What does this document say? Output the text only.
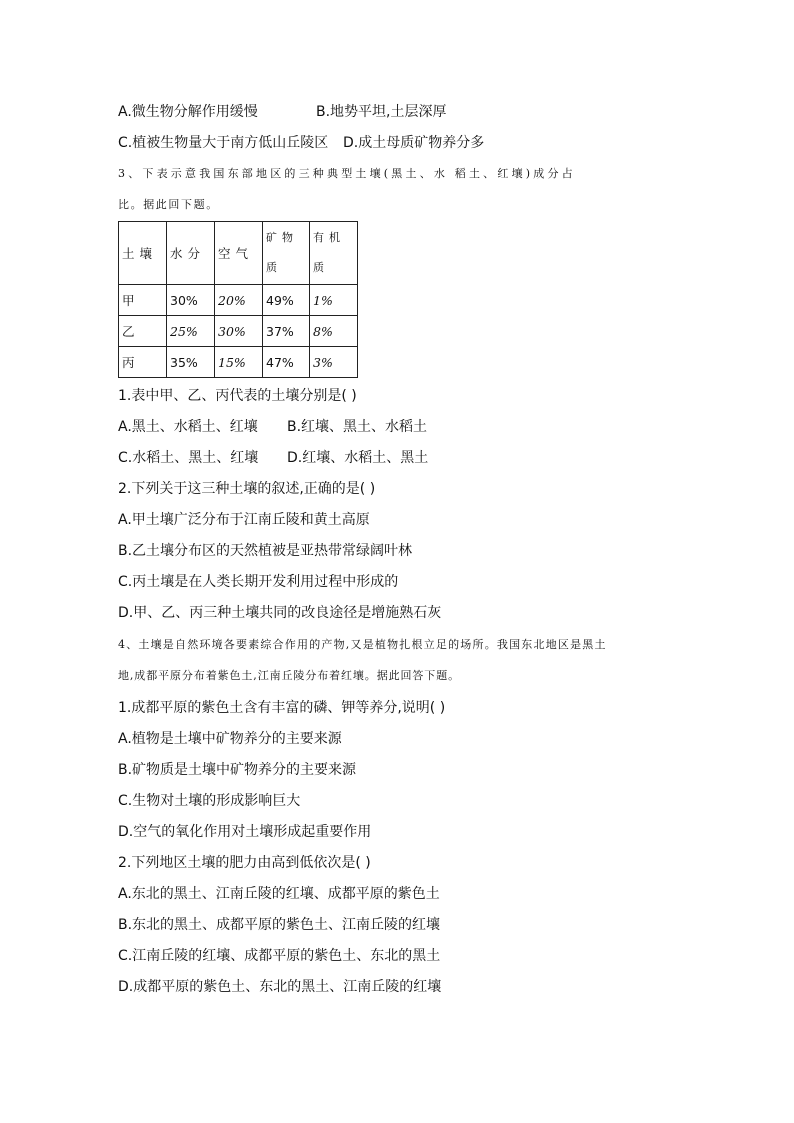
A.微生物分解作用缓慢	B.地势平坦,土层深厚
C.植被生物量大于南方低山丘陵区 D.成土母质矿物养分多
3、下表示意我国东部地区的三种典型土壤(黑土、水 稻土、红壤)成分占
比。据此回下题。
土壤	水分	空气	矿物质	有机质
甲	30%	20%	49%	1%
乙	25%	30%	37%	8%
丙	35%	15%	47%	3%
1.表中甲、乙、丙代表的土壤分别是( )
A.黑土、水稻土、红壤 B.红壤、黑土、水稻土
C.水稻土、黑土、红壤 D.红壤、水稻土、黑土
2.下列关于这三种土壤的叙述,正确的是( )
A.甲土壤广泛分布于江南丘陵和黄土高原
B.乙土壤分布区的天然植被是亚热带常绿阔叶林
C.丙土壤是在人类长期开发利用过程中形成的
D.甲、乙、丙三种土壤共同的改良途径是增施熟石灰
4、土壤是自然环境各要素综合作用的产物,又是植物扎根立足的场所。我国东北地区是黑土
地,成都平原分布着紫色土,江南丘陵分布着红壤。据此回答下题。
1.成都平原的紫色土含有丰富的磷、钾等养分,说明( )
A.植物是土壤中矿物养分的主要来源
B.矿物质是土壤中矿物养分的主要来源
C.生物对土壤的形成影响巨大
D.空气的氧化作用对土壤形成起重要作用
2.下列地区土壤的肥力由高到低依次是( )
A.东北的黑土、江南丘陵的红壤、成都平原的紫色土
B.东北的黑土、成都平原的紫色土、江南丘陵的红壤
C.江南丘陵的红壤、成都平原的紫色土、东北的黑土
D.成都平原的紫色土、东北的黑土、江南丘陵的红壤
